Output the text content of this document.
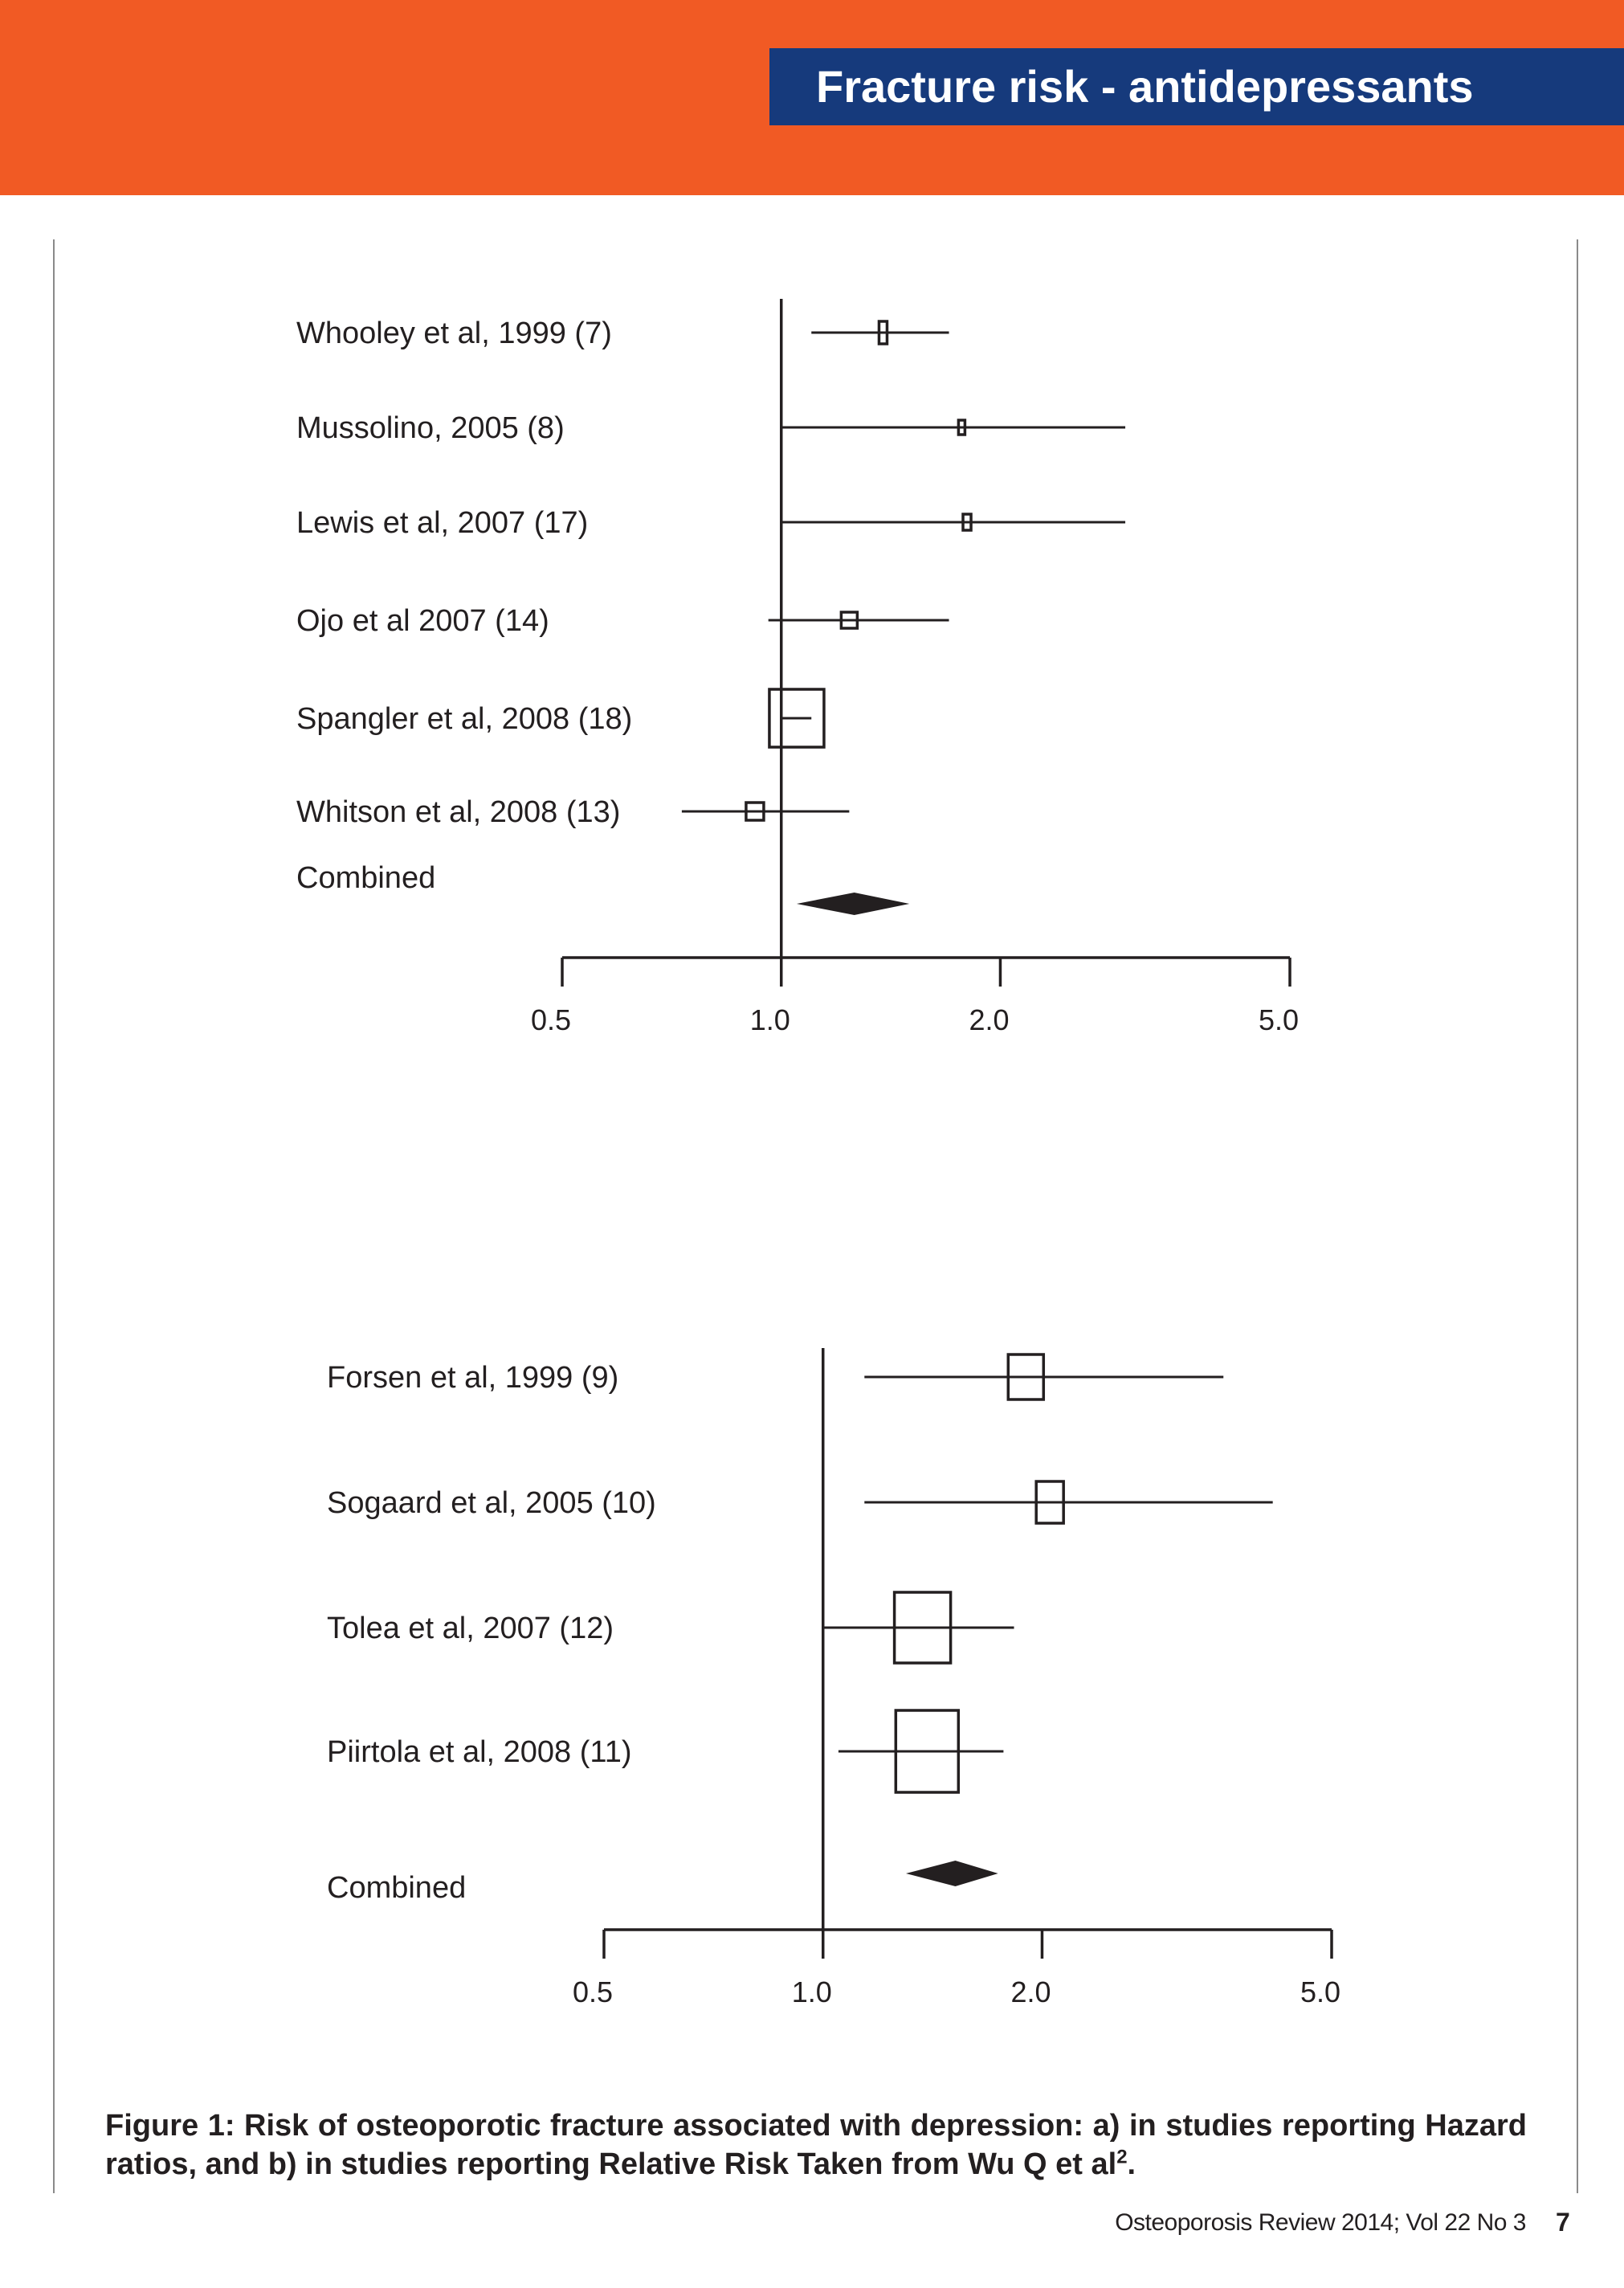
Fracture risk - antidepressants
0.5	1.0	2.0	5.0
Whooley et al, 1999 (7)
Mussolino, 2005 (8)
Lewis et al, 2007 (17)
Ojo et al 2007 (14)
Spangler et al, 2008 (18)
Whitson et al, 2008 (13)
Combined
0.5	1.0	2.0	5.0
Forsen et al, 1999 (9)
Sogaard et al, 2005 (10)
Tolea et al, 2007 (12)
Piirtola et al, 2008 (11)
Combined
Figure 1: Risk of osteoporotic fracture associated with depression: a) in studies reporting Hazard ratios, and b) in studies reporting Relative Risk Taken from Wu Q et $al^2$.
Osteoporosis Review 2014; Vol 22 No 3 7
